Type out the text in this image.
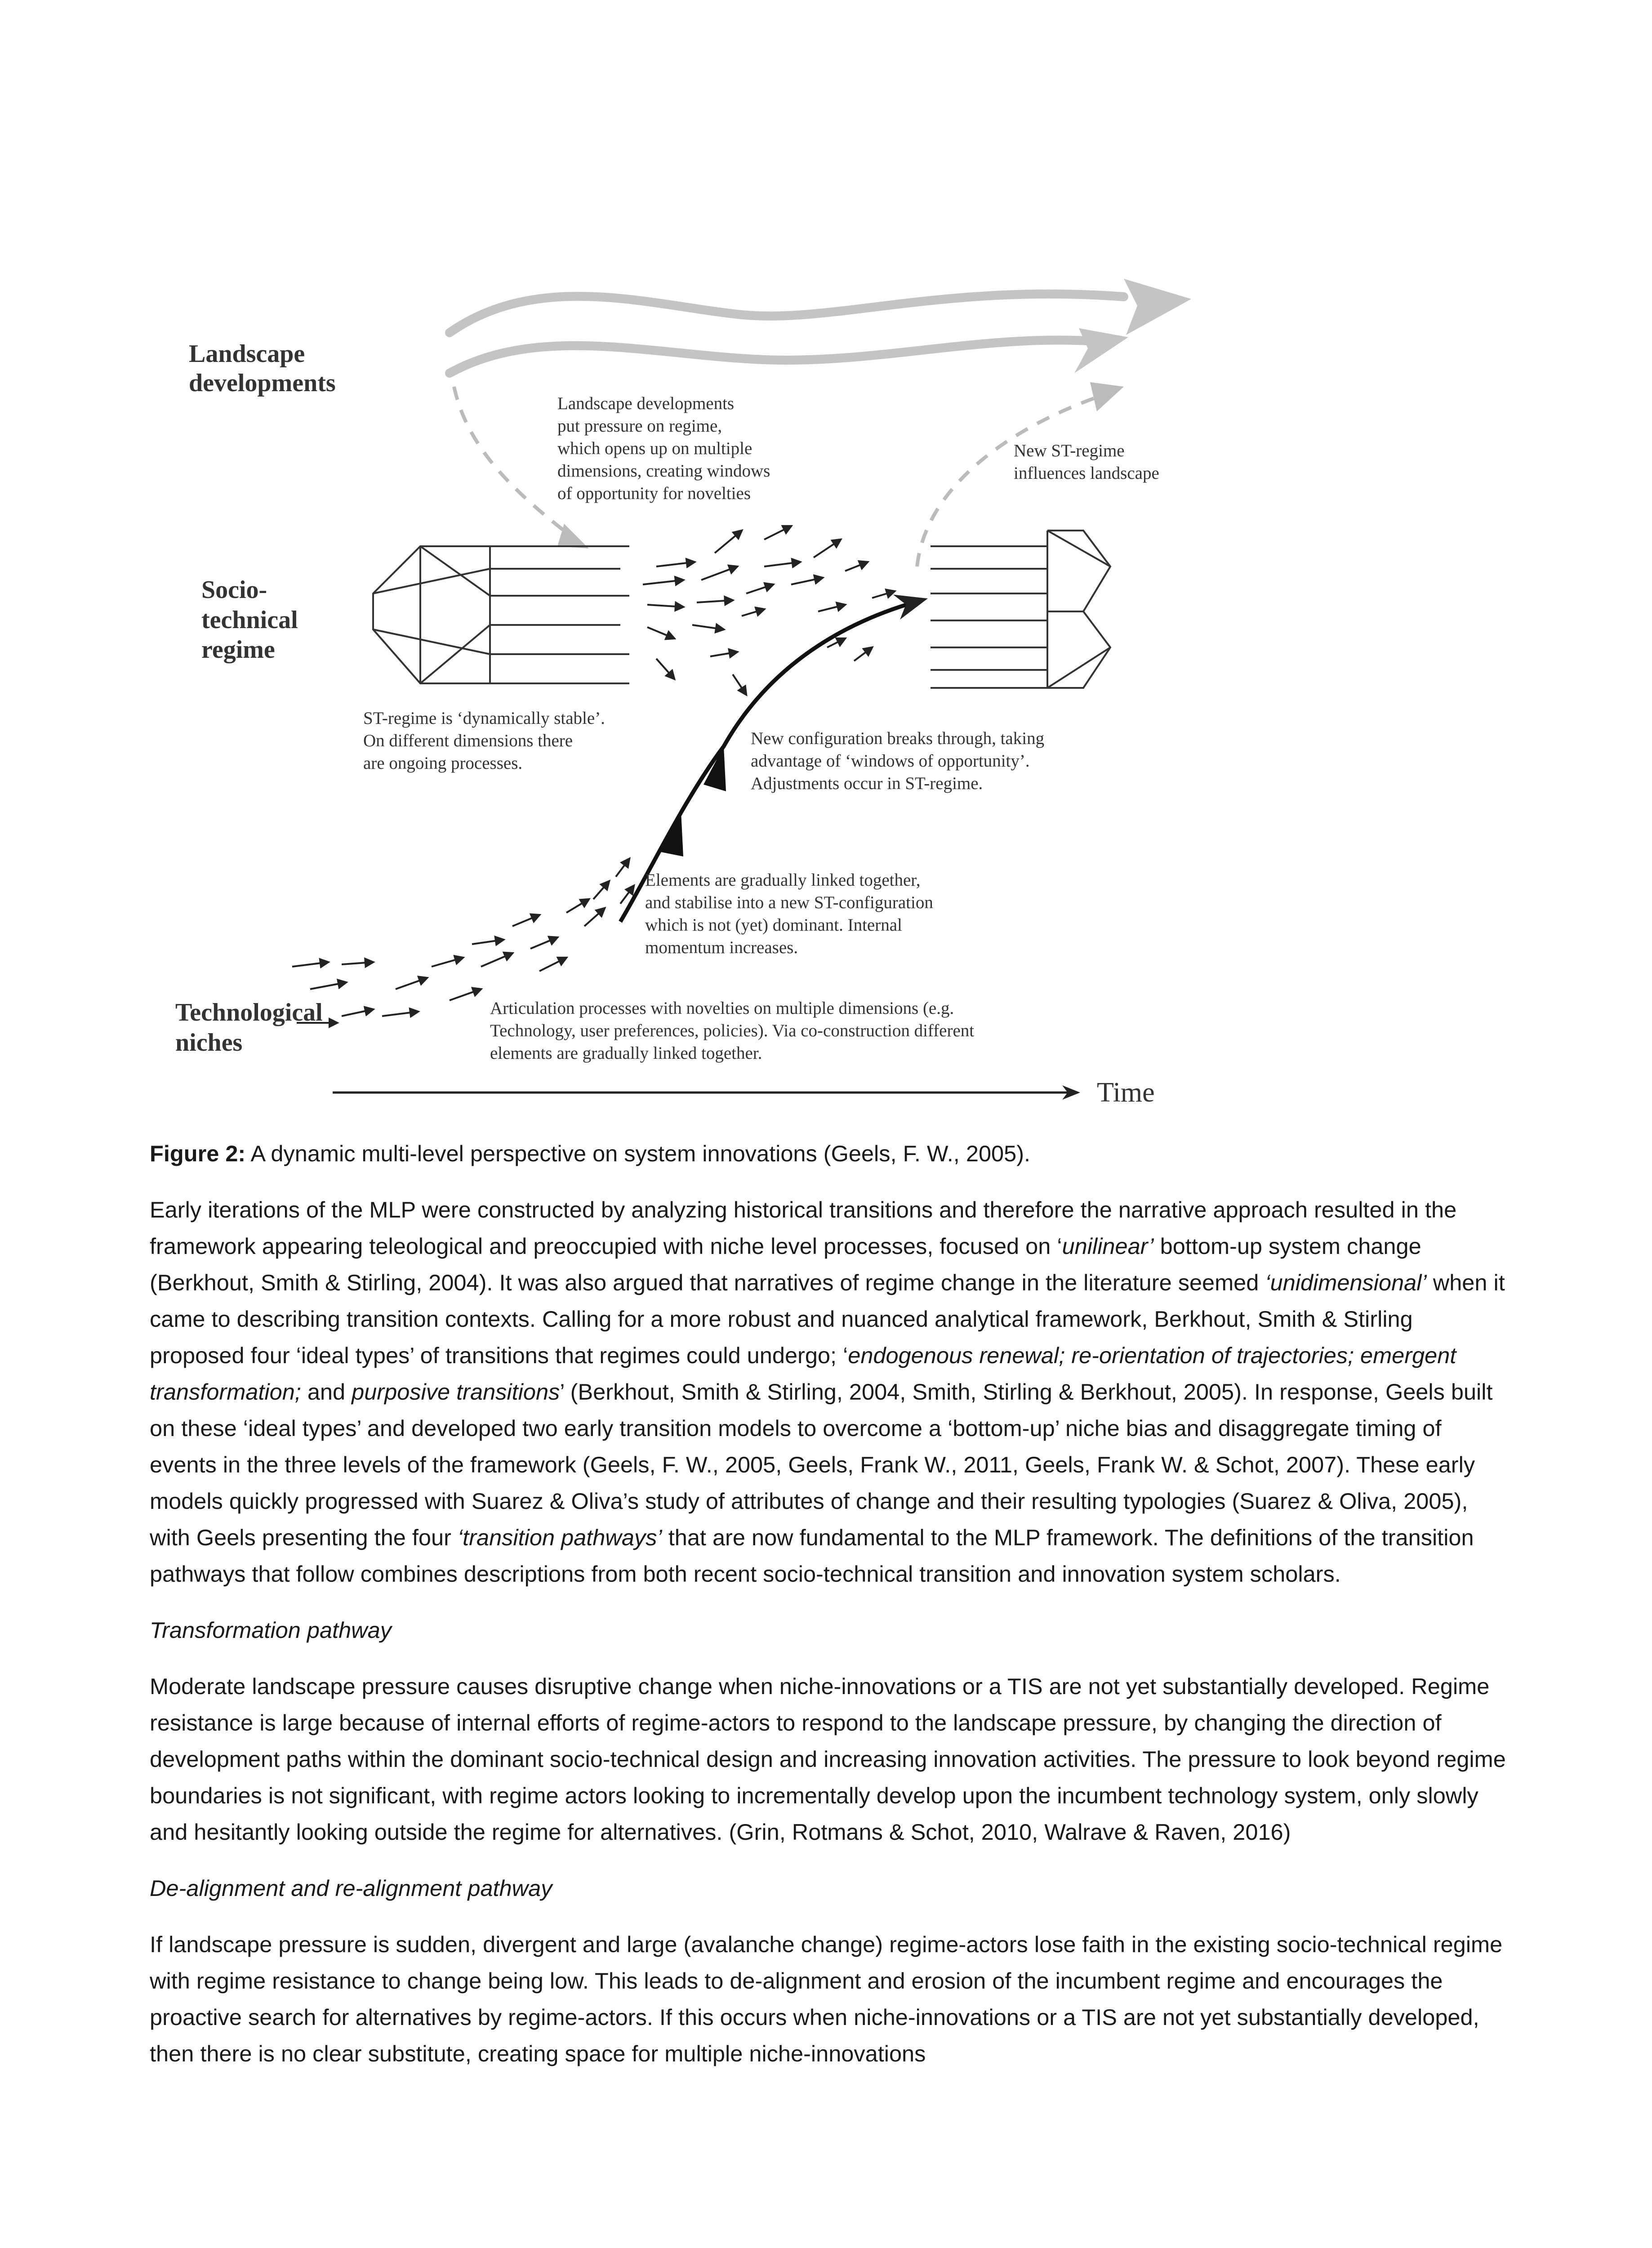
Time
Landscape
developments
Socio-
technical
regime
Technological
niches
Landscape developments
put pressure on regime,
which opens up on multiple
dimensions, creating windows
of opportunity for novelties
New ST-regime
influences landscape
ST-regime is ‘dynamically stable’.
On different dimensions there
are ongoing processes.
New configuration breaks through, taking
advantage of ‘windows of opportunity’.
Adjustments occur in ST-regime.
Elements are gradually linked together,
and stabilise into a new ST-configuration
which is not (yet) dominant. Internal
momentum increases.
Articulation processes with novelties on multiple dimensions (e.g.
Technology, user preferences, policies). Via co-construction different
elements are gradually linked together.

Figure 2: A dynamic multi-level perspective on system innovations (Geels, F. W., 2005).

Early iterations of the MLP were constructed by analyzing historical transitions and therefore the narrative approach resulted in the framework appearing teleological and preoccupied with niche level processes, focused on ‘unilinear’ bottom-up system change (Berkhout, Smith & Stirling, 2004). It was also argued that narratives of regime change in the literature seemed ‘unidimensional’ when it came to describing transition contexts. Calling for a more robust and nuanced analytical framework, Berkhout, Smith & Stirling proposed four ‘ideal types’ of transitions that regimes could undergo; ‘endogenous renewal; re-orientation of trajectories; emergent transformation; and purposive transitions’ (Berkhout, Smith & Stirling, 2004, Smith, Stirling & Berkhout, 2005). In response, Geels built on these ‘ideal types’ and developed two early transition models to overcome a ‘bottom-up’ niche bias and disaggregate timing of events in the three levels of the framework (Geels, F. W., 2005, Geels, Frank W., 2011, Geels, Frank W. & Schot, 2007). These early models quickly progressed with Suarez & Oliva’s study of attributes of change and their resulting typologies (Suarez & Oliva, 2005), with Geels presenting the four ‘transition pathways’ that are now fundamental to the MLP framework. The definitions of the transition pathways that follow combines descriptions from both recent socio-technical transition and innovation system scholars.

Transformation pathway

Moderate landscape pressure causes disruptive change when niche-innovations or a TIS are not yet substantially developed. Regime resistance is large because of internal efforts of regime-actors to respond to the landscape pressure, by changing the direction of development paths within the dominant socio-technical design and increasing innovation activities. The pressure to look beyond regime boundaries is not significant, with regime actors looking to incrementally develop upon the incumbent technology system, only slowly and hesitantly looking outside the regime for alternatives. (Grin, Rotmans & Schot, 2010, Walrave & Raven, 2016)

De-alignment and re-alignment pathway

If landscape pressure is sudden, divergent and large (avalanche change) regime-actors lose faith in the existing socio-technical regime with regime resistance to change being low. This leads to de-alignment and erosion of the incumbent regime and encourages the proactive search for alternatives by regime-actors. If this occurs when niche-innovations or a TIS are not yet substantially developed, then there is no clear substitute, creating space for multiple niche-innovations
